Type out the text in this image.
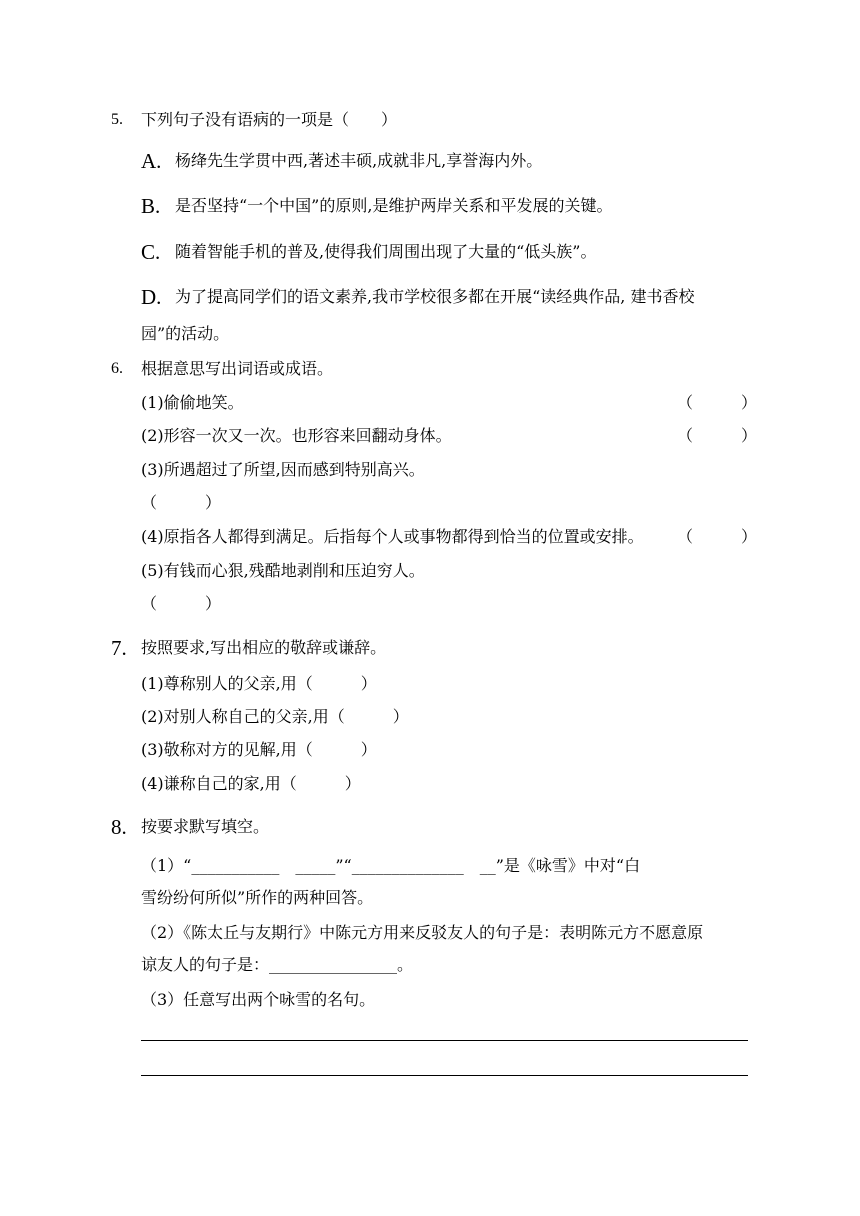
5. 下列句子没有语病的一项是（　　）
A. 杨绛先生学贯中西,著述丰硕,成就非凡,享誉海内外。
B. 是否坚持“一个中国”的原则,是维护两岸关系和平发展的关键。
C. 随着智能手机的普及,使得我们周围出现了大量的“低头族”。
D. 为了提高同学们的语文素养,我市学校很多都在开展“读经典作品, 建书香校
园”的活动。
6. 根据意思写出词语或成语。
(1)偷偷地笑。	（　　　）
(2)形容一次又一次。也形容来回翻动身体。	（　　　）
(3)所遇超过了所望,因而感到特别高兴。
（　　　）
(4)原指各人都得到满足。后指每个人或事物都得到恰当的位置或安排。 （　　　）
(5)有钱而心狠,残酷地剥削和压迫穷人。
（　　　）
7. 按照要求,写出相应的敬辞或谦辞。
(1)尊称别人的父亲,用（　　　）
(2)对别人称自己的父亲,用（　　　）
(3)敬称对方的见解,用（　　　）
(4)谦称自己的家,用（　　　）
8. 按要求默写填空。
（1）“___________　_____”“______________　__”是《咏雪》中对“白
雪纷纷何所似”所作的两种回答。
（2）《陈太丘与友期行》中陈元方用来反驳友人的句子是：表明陈元方不愿意原
谅友人的句子是：________________。
（3）任意写出两个咏雪的名句。
